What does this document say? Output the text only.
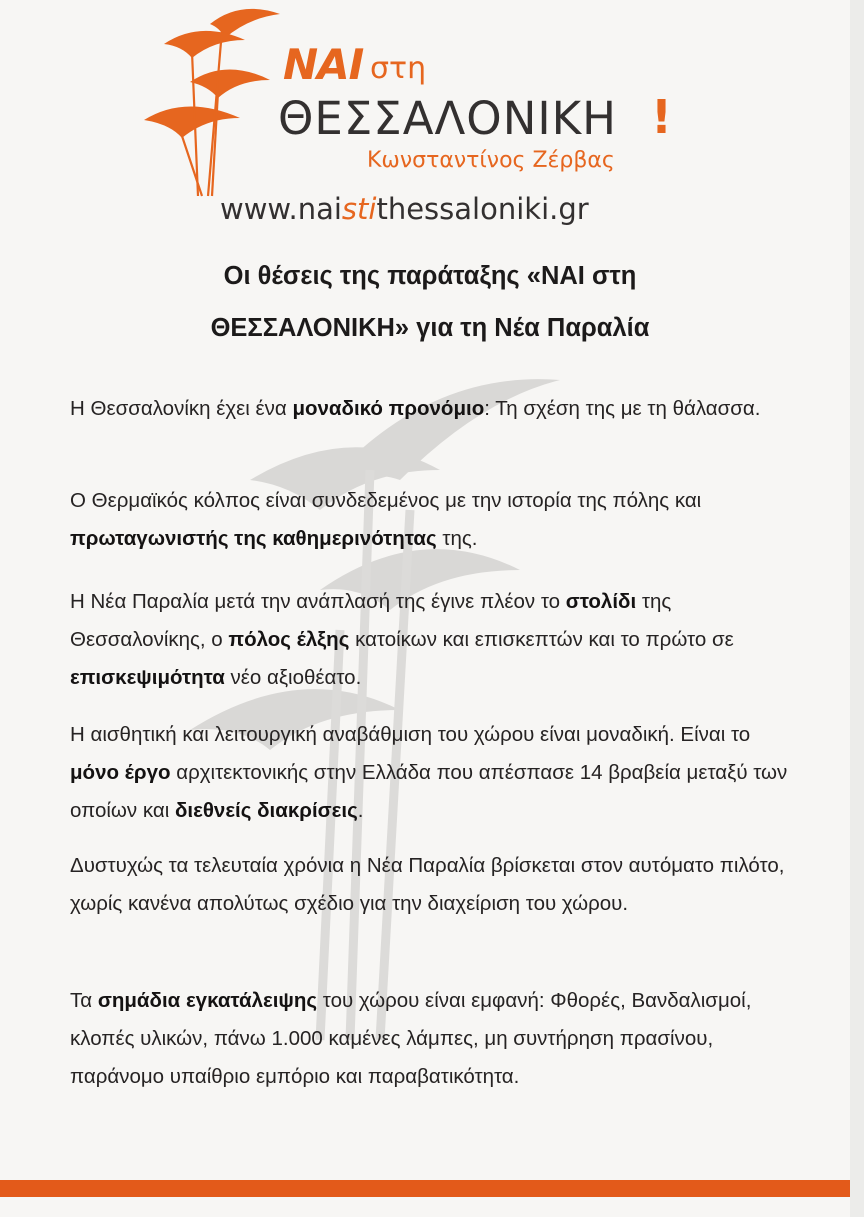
ΝΑΙ στη
ΘΕΣΣΑΛΟΝΙΚΗ !
Κωνσταντίνος Ζέρβας
www.naistithessaloniki.gr
Οι θέσεις της παράταξης «ΝΑΙ στη
ΘΕΣΣΑΛΟΝΙΚΗ» για τη Νέα Παραλία
Η Θεσσαλονίκη έχει ένα μοναδικό προνόμιο: Τη σχέση της με τη θάλασσα.
Ο Θερμαϊκός κόλπος είναι συνδεδεμένος με την ιστορία της πόλης και πρωταγωνιστής της καθημερινότητας της.
Η Νέα Παραλία μετά την ανάπλασή της έγινε πλέον το στολίδι της Θεσσαλονίκης, ο πόλος έλξης κατοίκων και επισκεπτών και το πρώτο σε επισκεψιμότητα νέο αξιοθέατο.
Η αισθητική και λειτουργική αναβάθμιση του χώρου είναι μοναδική. Είναι το μόνο έργο αρχιτεκτονικής στην Ελλάδα που απέσπασε 14 βραβεία μεταξύ των οποίων και διεθνείς διακρίσεις.
Δυστυχώς τα τελευταία χρόνια η Νέα Παραλία βρίσκεται στον αυτόματο πιλότο, χωρίς κανένα απολύτως σχέδιο για την διαχείριση του χώρου.
Τα σημάδια εγκατάλειψης του χώρου είναι εμφανή: Φθορές, Βανδαλισμοί, κλοπές υλικών, πάνω 1.000 καμένες λάμπες, μη συντήρηση πρασίνου, παράνομο υπαίθριο εμπόριο και παραβατικότητα.
